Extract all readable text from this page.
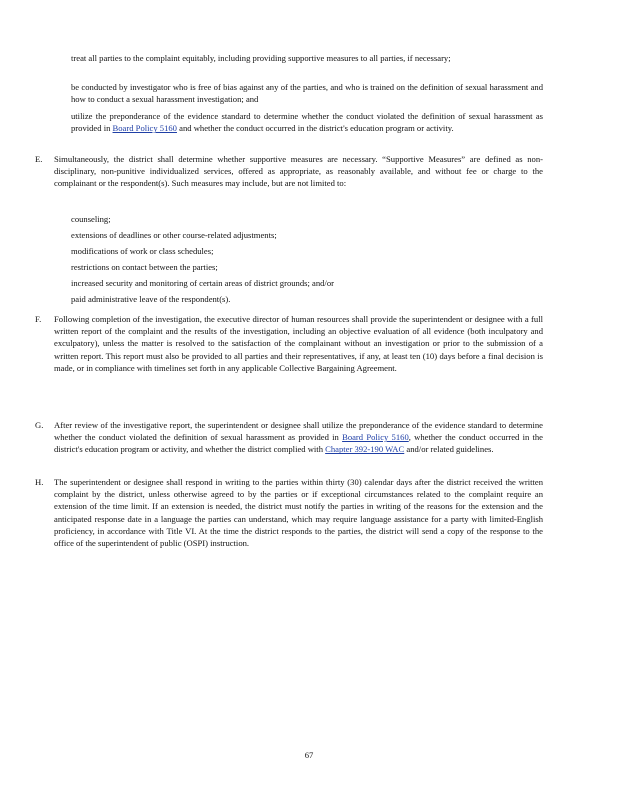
treat all parties to the complaint equitably, including providing supportive measures to all parties, if necessary;
be conducted by investigator who is free of bias against any of the parties, and who is trained on the definition of sexual harassment and how to conduct a sexual harassment investigation; and
utilize the preponderance of the evidence standard to determine whether the conduct violated the definition of sexual harassment as provided in Board Policy 5160 and whether the conduct occurred in the district's education program or activity.
E.	Simultaneously, the district shall determine whether supportive measures are necessary. “Supportive Measures” are defined as non-disciplinary, non-punitive individualized services, offered as appropriate, as reasonably available, and without fee or charge to the complainant or the respondent(s). Such measures may include, but are not limited to:
counseling;
extensions of deadlines or other course-related adjustments;
modifications of work or class schedules;
restrictions on contact between the parties;
increased security and monitoring of certain areas of district grounds; and/or
paid administrative leave of the respondent(s).
F.	Following completion of the investigation, the executive director of human resources shall provide the superintendent or designee with a full written report of the complaint and the results of the investigation, including an objective evaluation of all evidence (both inculpatory and exculpatory), unless the matter is resolved to the satisfaction of the complainant without an investigation or prior to the submission of a written report. This report must also be provided to all parties and their representatives, if any, at least ten (10) days before a final decision is made, or in compliance with timelines set forth in any applicable Collective Bargaining Agreement.
G.	After review of the investigative report, the superintendent or designee shall utilize the preponderance of the evidence standard to determine whether the conduct violated the definition of sexual harassment as provided in Board Policy 5160, whether the conduct occurred in the district's education program or activity, and whether the district complied with Chapter 392-190 WAC and/or related guidelines.
H.	The superintendent or designee shall respond in writing to the parties within thirty (30) calendar days after the district received the written complaint by the district, unless otherwise agreed to by the parties or if exceptional circumstances related to the complaint require an extension of the time limit. If an extension is needed, the district must notify the parties in writing of the reasons for the extension and the anticipated response date in a language the parties can understand, which may require language assistance for a party with limited-English proficiency, in accordance with Title VI. At the time the district responds to the parties, the district will send a copy of the response to the office of the superintendent of public (OSPI) instruction.
67
